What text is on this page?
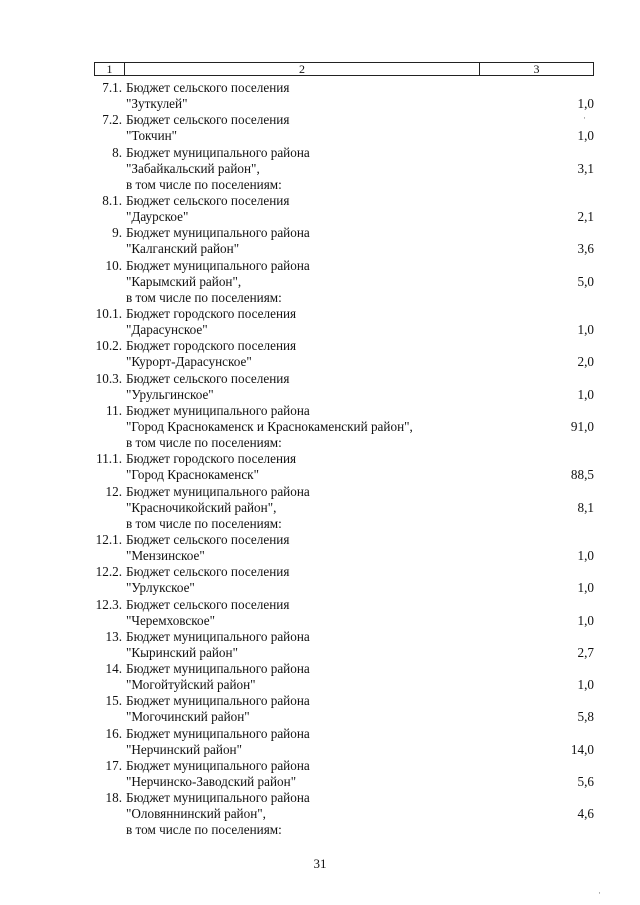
1	2	3
7.1. Бюджет сельского поселения
"Зуткулей"	1,0
7.2. Бюджет сельского поселения
"Токчин"	1,0
8. Бюджет муниципального района
"Забайкальский район",	3,1
в том числе по поселениям:
8.1. Бюджет сельского поселения
"Даурское"	2,1
9. Бюджет муниципального района
"Калганский район"	3,6
10. Бюджет муниципального района
"Карымский район",	5,0
в том числе по поселениям:
10.1. Бюджет городского поселения
"Дарасунское"	1,0
10.2. Бюджет городского поселения
"Курорт-Дарасунское"	2,0
10.3. Бюджет сельского поселения
"Урульгинское"	1,0
11. Бюджет муниципального района
"Город Краснокаменск и Краснокаменский район",	91,0
в том числе по поселениям:
11.1. Бюджет городского поселения
"Город Краснокаменск"	88,5
12. Бюджет муниципального района
"Красночикойский район",	8,1
в том числе по поселениям:
12.1. Бюджет сельского поселения
"Мензинское"	1,0
12.2. Бюджет сельского поселения
"Урлукское"	1,0
12.3. Бюджет сельского поселения
"Черемховское"	1,0
13. Бюджет муниципального района
"Кыринский район"	2,7
14. Бюджет муниципального района
"Могойтуйский район"	1,0
15. Бюджет муниципального района
"Могочинский район"	5,8
16. Бюджет муниципального района
"Нерчинский район"	14,0
17. Бюджет муниципального района
"Нерчинско-Заводский район"	5,6
18. Бюджет муниципального района
"Оловяннинский район",	4,6
в том числе по поселениям:
31
·
·
